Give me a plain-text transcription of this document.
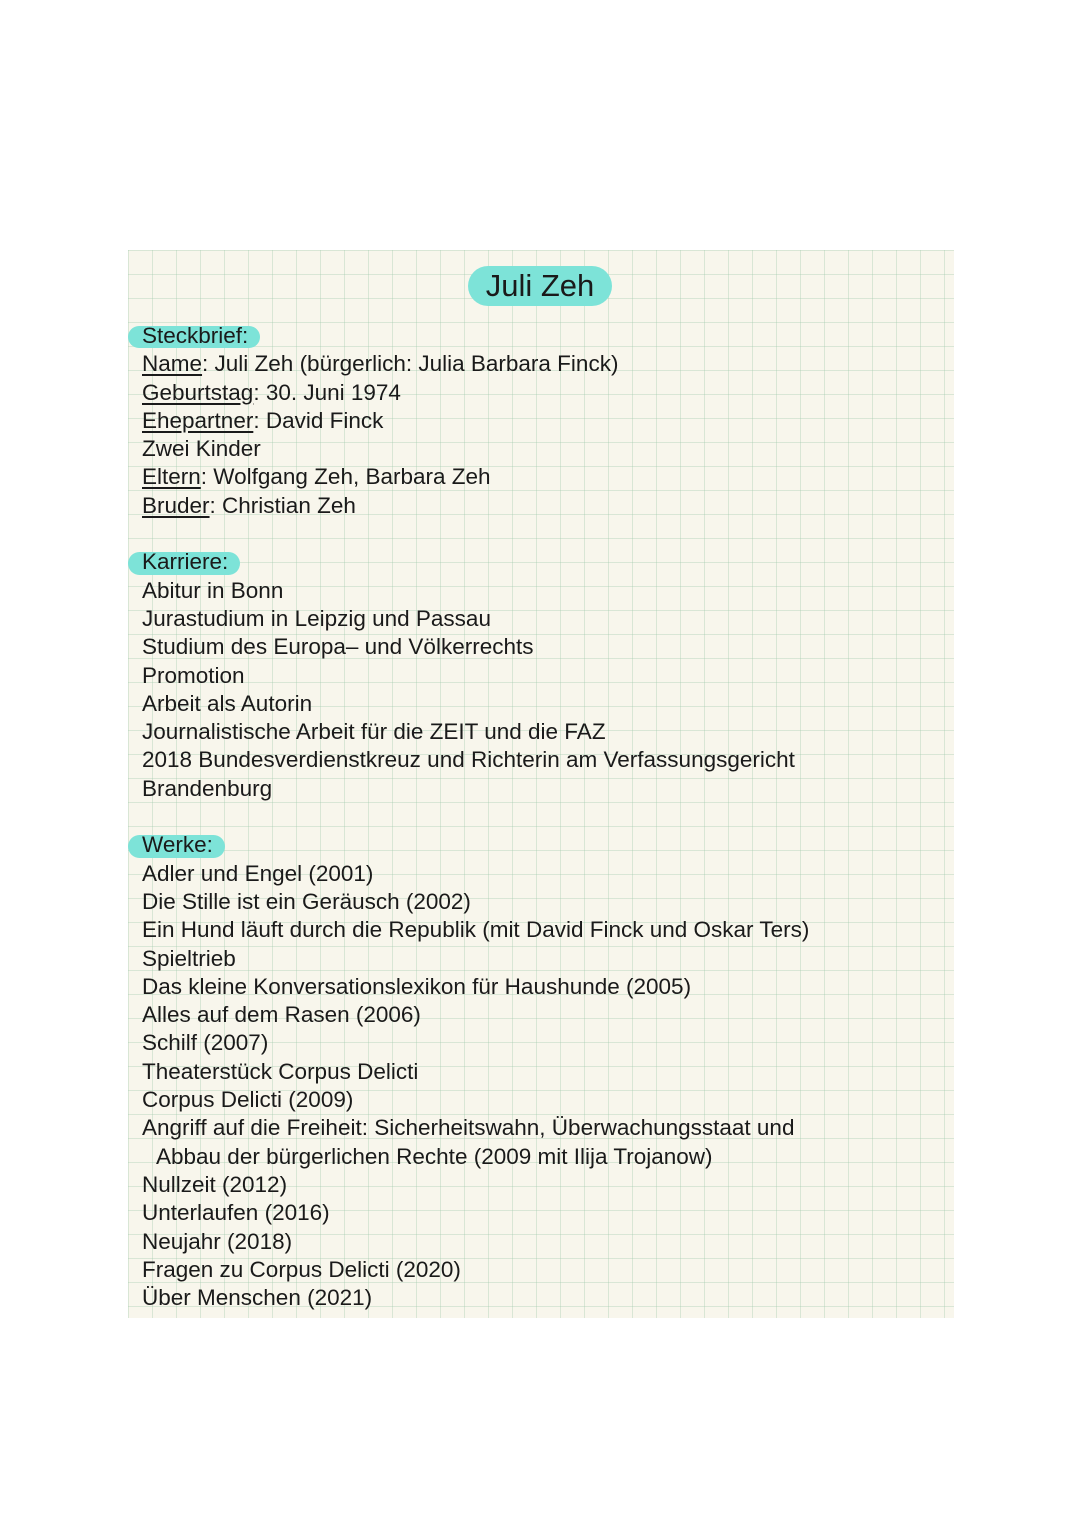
Juli Zeh
Steckbrief:
Name: Juli Zeh (bürgerlich: Julia Barbara Finck)
Geburtstag: 30. Juni 1974
Ehepartner: David Finck
Zwei Kinder
Eltern: Wolfgang Zeh, Barbara Zeh
Bruder: Christian Zeh
Karriere:
Abitur in Bonn
Jurastudium in Leipzig und Passau
Studium des Europa– und Völkerrechts
Promotion
Arbeit als Autorin
Journalistische Arbeit für die ZEIT und die FAZ
2018 Bundesverdienstkreuz und Richterin am Verfassungsgericht
Brandenburg
Werke:
Adler und Engel (2001)
Die Stille ist ein Geräusch (2002)
Ein Hund läuft durch die Republik (mit David Finck und Oskar Ters)
Spieltrieb
Das kleine Konversationslexikon für Haushunde (2005)
Alles auf dem Rasen (2006)
Schilf (2007)
Theaterstück Corpus Delicti
Corpus Delicti (2009)
Angriff auf die Freiheit: Sicherheitswahn, Überwachungsstaat und
Abbau der bürgerlichen Rechte (2009 mit Ilija Trojanow)
Nullzeit (2012)
Unterlaufen (2016)
Neujahr (2018)
Fragen zu Corpus Delicti (2020)
Über Menschen (2021)
